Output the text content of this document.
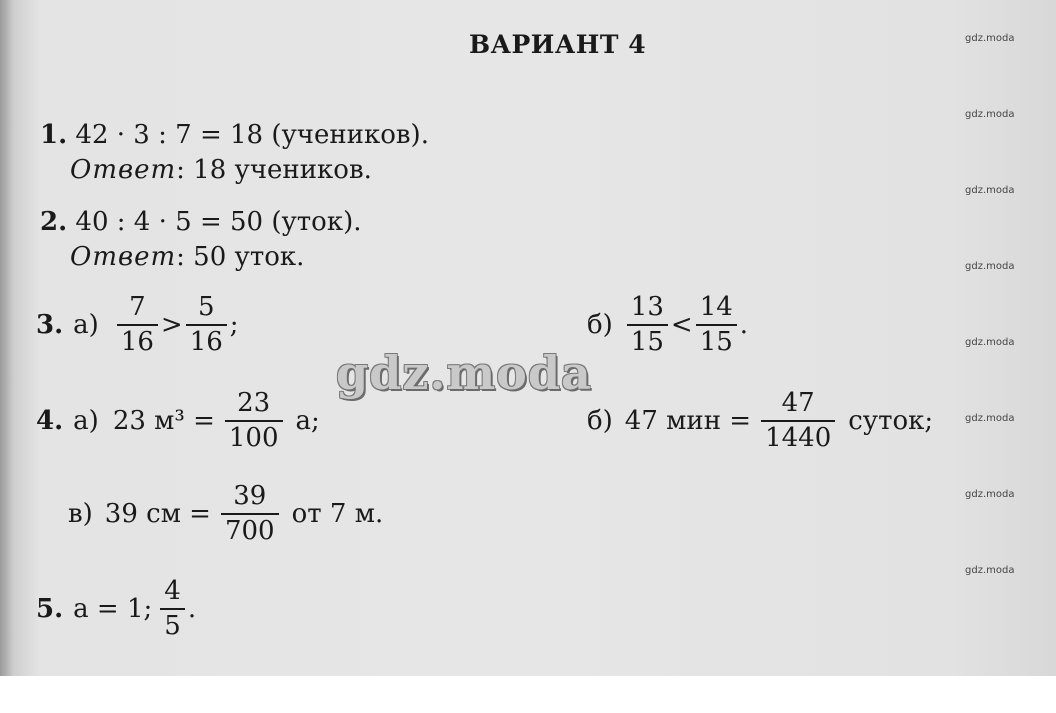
ВАРИАНТ 4
1. 42 · 3 : 7 = 18 (учеников).
Ответ: 18 учеников.
2. 40 : 4 · 5 = 50 (уток).
Ответ: 50 уток.
3. $а) \frac{7}{16} > \frac{5}{16}$ ;	$б) \frac{13}{15} < \frac{14}{15}$ .
gdz.moda
4. а) 23 $м^3 = \frac{23}{100} а$;	б) 47 мин = $\frac{47}{1440}$ суток;
в) 39 см = $\frac{39}{700}$ от 7 м.
5. a = 1; $\frac{4}{5}$ .
gdz.moda
gdz.moda
gdz.moda
gdz.moda
gdz.moda
gdz.moda
gdz.moda
gdz.moda
